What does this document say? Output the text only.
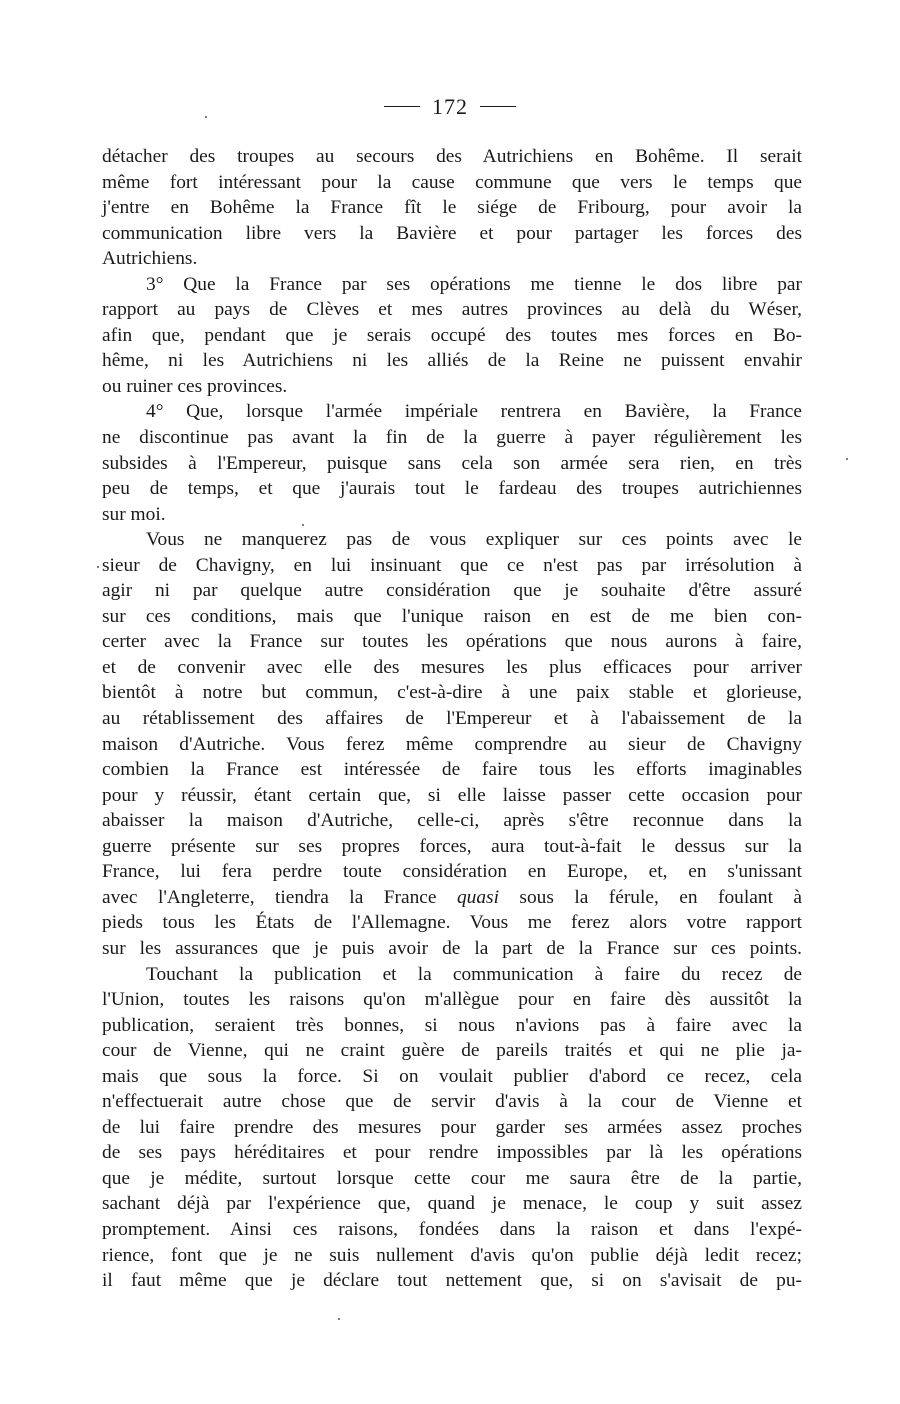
172
détacher des troupes au secours des Autrichiens en Bohême. Il serait
même fort intéressant pour la cause commune que vers le temps que
j'entre en Bohême la France fît le siége de Fribourg, pour avoir la
communication libre vers la Bavière et pour partager les forces des
Autrichiens.
3° Que la France par ses opérations me tienne le dos libre par
rapport au pays de Clèves et mes autres provinces au delà du Wéser,
afin que, pendant que je serais occupé des toutes mes forces en Bo-
hême, ni les Autrichiens ni les alliés de la Reine ne puissent envahir
ou ruiner ces provinces.
4° Que, lorsque l'armée impériale rentrera en Bavière, la France
ne discontinue pas avant la fin de la guerre à payer régulièrement les
subsides à l'Empereur, puisque sans cela son armée sera rien, en très
peu de temps, et que j'aurais tout le fardeau des troupes autrichiennes
sur moi.
Vous ne manquerez pas de vous expliquer sur ces points avec le
sieur de Chavigny, en lui insinuant que ce n'est pas par irrésolution à
agir ni par quelque autre considération que je souhaite d'être assuré
sur ces conditions, mais que l'unique raison en est de me bien con-
certer avec la France sur toutes les opérations que nous aurons à faire,
et de convenir avec elle des mesures les plus efficaces pour arriver
bientôt à notre but commun, c'est-à-dire à une paix stable et glorieuse,
au rétablissement des affaires de l'Empereur et à l'abaissement de la
maison d'Autriche. Vous ferez même comprendre au sieur de Chavigny
combien la France est intéressée de faire tous les efforts imaginables
pour y réussir, étant certain que, si elle laisse passer cette occasion pour
abaisser la maison d'Autriche, celle-ci, après s'être reconnue dans la
guerre présente sur ses propres forces, aura tout-à-fait le dessus sur la
France, lui fera perdre toute considération en Europe, et, en s'unissant
avec l'Angleterre, tiendra la France quasi sous la férule, en foulant à
pieds tous les États de l'Allemagne. Vous me ferez alors votre rapport
sur les assurances que je puis avoir de la part de la France sur ces points.
Touchant la publication et la communication à faire du recez de
l'Union, toutes les raisons qu'on m'allègue pour en faire dès aussitôt la
publication, seraient très bonnes, si nous n'avions pas à faire avec la
cour de Vienne, qui ne craint guère de pareils traités et qui ne plie ja-
mais que sous la force. Si on voulait publier d'abord ce recez, cela
n'effectuerait autre chose que de servir d'avis à la cour de Vienne et
de lui faire prendre des mesures pour garder ses armées assez proches
de ses pays héréditaires et pour rendre impossibles par là les opérations
que je médite, surtout lorsque cette cour me saura être de la partie,
sachant déjà par l'expérience que, quand je menace, le coup y suit assez
promptement. Ainsi ces raisons, fondées dans la raison et dans l'expé-
rience, font que je ne suis nullement d'avis qu'on publie déjà ledit recez;
il faut même que je déclare tout nettement que, si on s'avisait de pu-
